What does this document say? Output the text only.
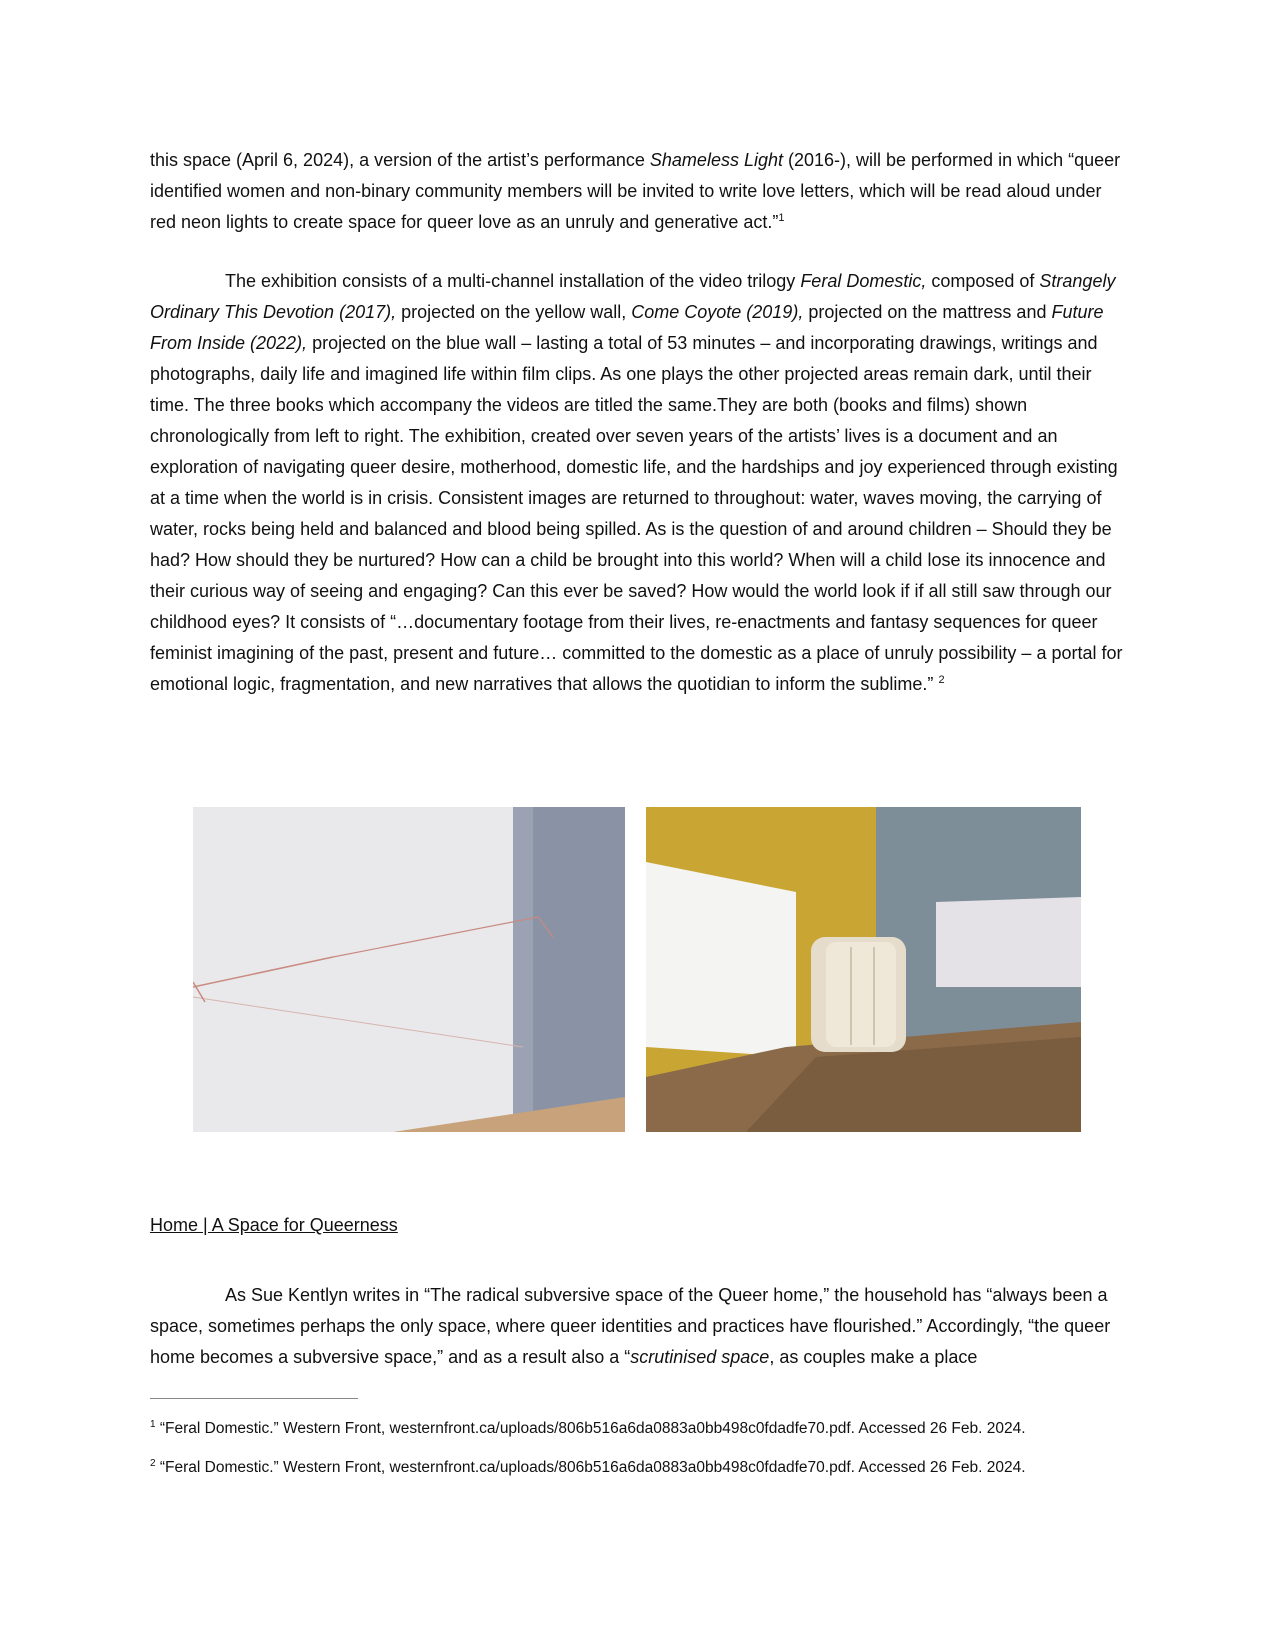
this space (April 6, 2024), a version of the artist’s performance Shameless Light (2016-), will be performed in which “queer identified women and non-binary community members will be invited to write love letters, which will be read aloud under red neon lights to create space for queer love as an unruly and generative act.”$^1$

The exhibition consists of a multi-channel installation of the video trilogy Feral Domestic, composed of Strangely Ordinary This Devotion (2017), projected on the yellow wall, Come Coyote (2019), projected on the mattress and Future From Inside (2022), projected on the blue wall – lasting a total of 53 minutes – and incorporating drawings, writings and photographs, daily life and imagined life within film clips. As one plays the other projected areas remain dark, until their time. The three books which accompany the videos are titled the same.They are both (books and films) shown chronologically from left to right. The exhibition, created over seven years of the artists’ lives is a document and an exploration of navigating queer desire, motherhood, domestic life, and the hardships and joy experienced through existing at a time when the world is in crisis. Consistent images are returned to throughout: water, waves moving, the carrying of water, rocks being held and balanced and blood being spilled. As is the question of and around children – Should they be had? How should they be nurtured? How can a child be brought into this world? When will a child lose its innocence and their curious way of seeing and engaging? Can this ever be saved? How would the world look if if all still saw through our childhood eyes? It consists of “…documentary footage from their lives, re-enactments and fantasy sequences for queer feminist imagining of the past, present and future… committed to the domestic as a place of unruly possibility – a portal for emotional logic, fragmentation, and new narratives that allows the quotidian to inform the sublime.” $^2$

Home | A Space for Queerness

As Sue Kentlyn writes in “The radical subversive space of the Queer home,” the household has “always been a space, sometimes perhaps the only space, where queer identities and practices have flourished.” Accordingly, “the queer home becomes a subversive space,” and as a result also a “scrutinised space, as couples make a place

$^1$ “Feral Domestic.” Western Front, westernfront.ca/uploads/806b516a6da0883a0bb498c0fdadfe70.pdf. Accessed 26 Feb. 2024.

$^2$ “Feral Domestic.” Western Front, westernfront.ca/uploads/806b516a6da0883a0bb498c0fdadfe70.pdf. Accessed 26 Feb. 2024.
